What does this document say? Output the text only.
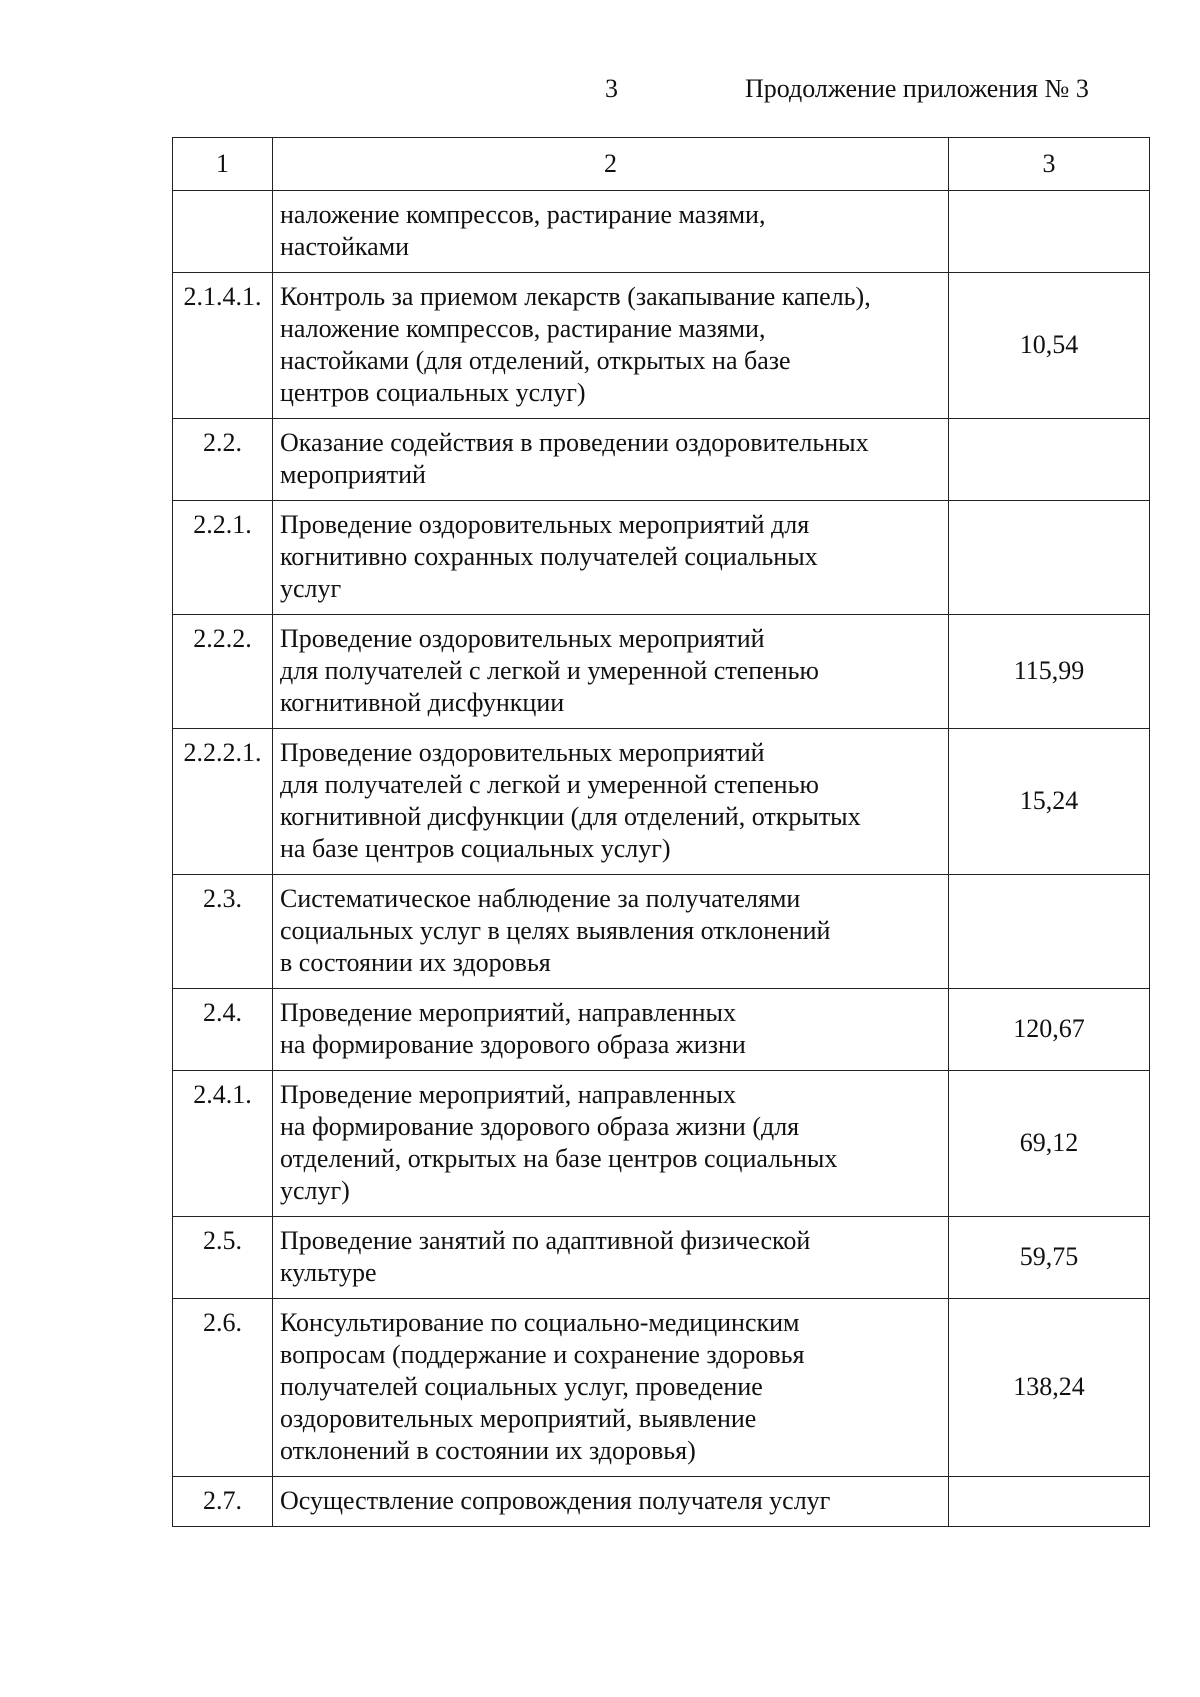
3	Продолжение приложения № 3
1	2	3

	наложение компрессов, растирание мазями,
настойками	

2.1.4.1.	Контроль за приемом лекарств (закапывание капель),
наложение компрессов, растирание мазями,
настойками (для отделений, открытых на базе
центров социальных услуг)	10,54
2.2.	Оказание содействия в проведении оздоровительных
мероприятий	

2.2.1.	Проведение оздоровительных мероприятий для
когнитивно сохранных получателей социальных
услуг	

2.2.2.	Проведение оздоровительных мероприятий
для получателей с легкой и умеренной степенью
когнитивной дисфункции	115,99
2.2.2.1.	Проведение оздоровительных мероприятий
для получателей с легкой и умеренной степенью
когнитивной дисфункции (для отделений, открытых
на базе центров социальных услуг)	15,24
2.3.	Систематическое наблюдение за получателями
социальных услуг в целях выявления отклонений
в состоянии их здоровья	

2.4.	Проведение мероприятий, направленных
на формирование здорового образа жизни	120,67
2.4.1.	Проведение мероприятий, направленных
на формирование здорового образа жизни (для
отделений, открытых на базе центров социальных
услуг)	69,12
2.5.	Проведение занятий по адаптивной физической
культуре	59,75
2.6.	Консультирование по социально-медицинским
вопросам (поддержание и сохранение здоровья
получателей социальных услуг, проведение
оздоровительных мероприятий, выявление
отклонений в состоянии их здоровья)	138,24
2.7.	Осуществление сопровождения получателя услуг	
